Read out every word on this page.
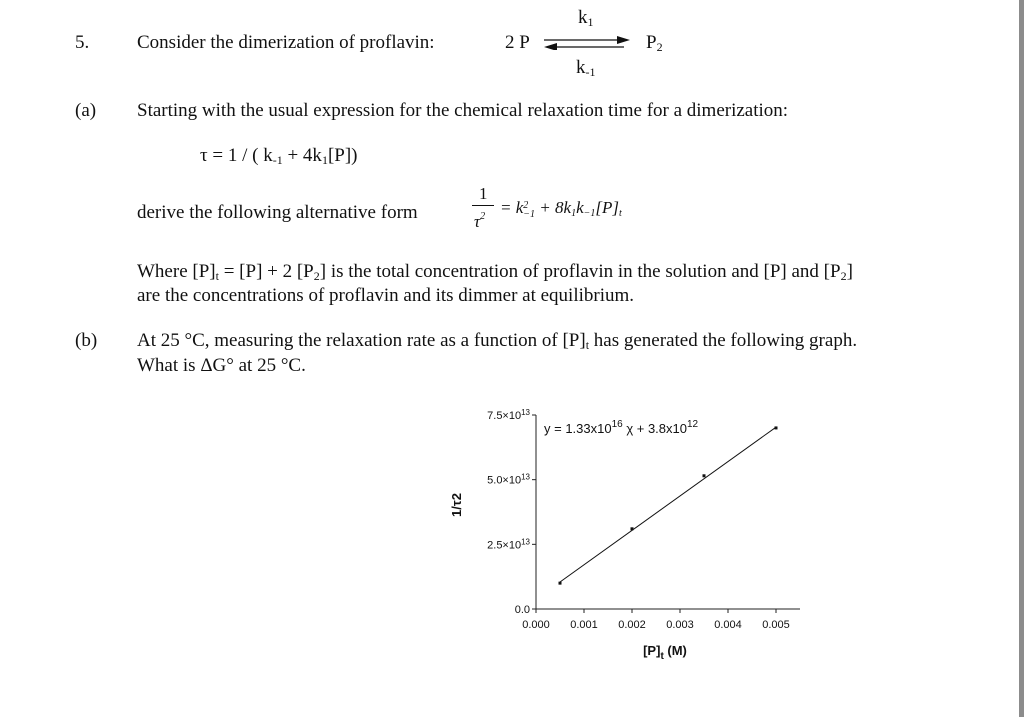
5.	Consider the dimerization of proflavin:	2 P
$k_1$
$P_2$
$k_{-1}$
(a) Starting with the usual expression for the chemical relaxation time for a dimerization:
τ = 1 / ( $k_{-1} + 4k_1[P]$)
derive the following alternative form
1
$\tau^2 = k$ 2
$-1 + 8k_1k_{-1}[P]_t$
Where $[P]_t = [P] + 2$ $[P_2]$ is the total concentration of proflavin in the solution and [P] and $[P_2]$
are the concentrations of proflavin and its dimmer at equilibrium.
(b) At 25 °C, measuring the relaxation rate as a function of $[P]_t$ has generated the following graph.
What is ΔG° at 25 °C.
0.0
$2.5\times 10^{13}$
$5.0\times 10^{13}$
$7.5\times 10^{13}$
0.000 0.001 0.002 0.003 0.004 0.005
$y = 1.33x10^{16}$ $\chi + 3.8x10^{12}$
1/τ2
$[P]_t$ (M)
